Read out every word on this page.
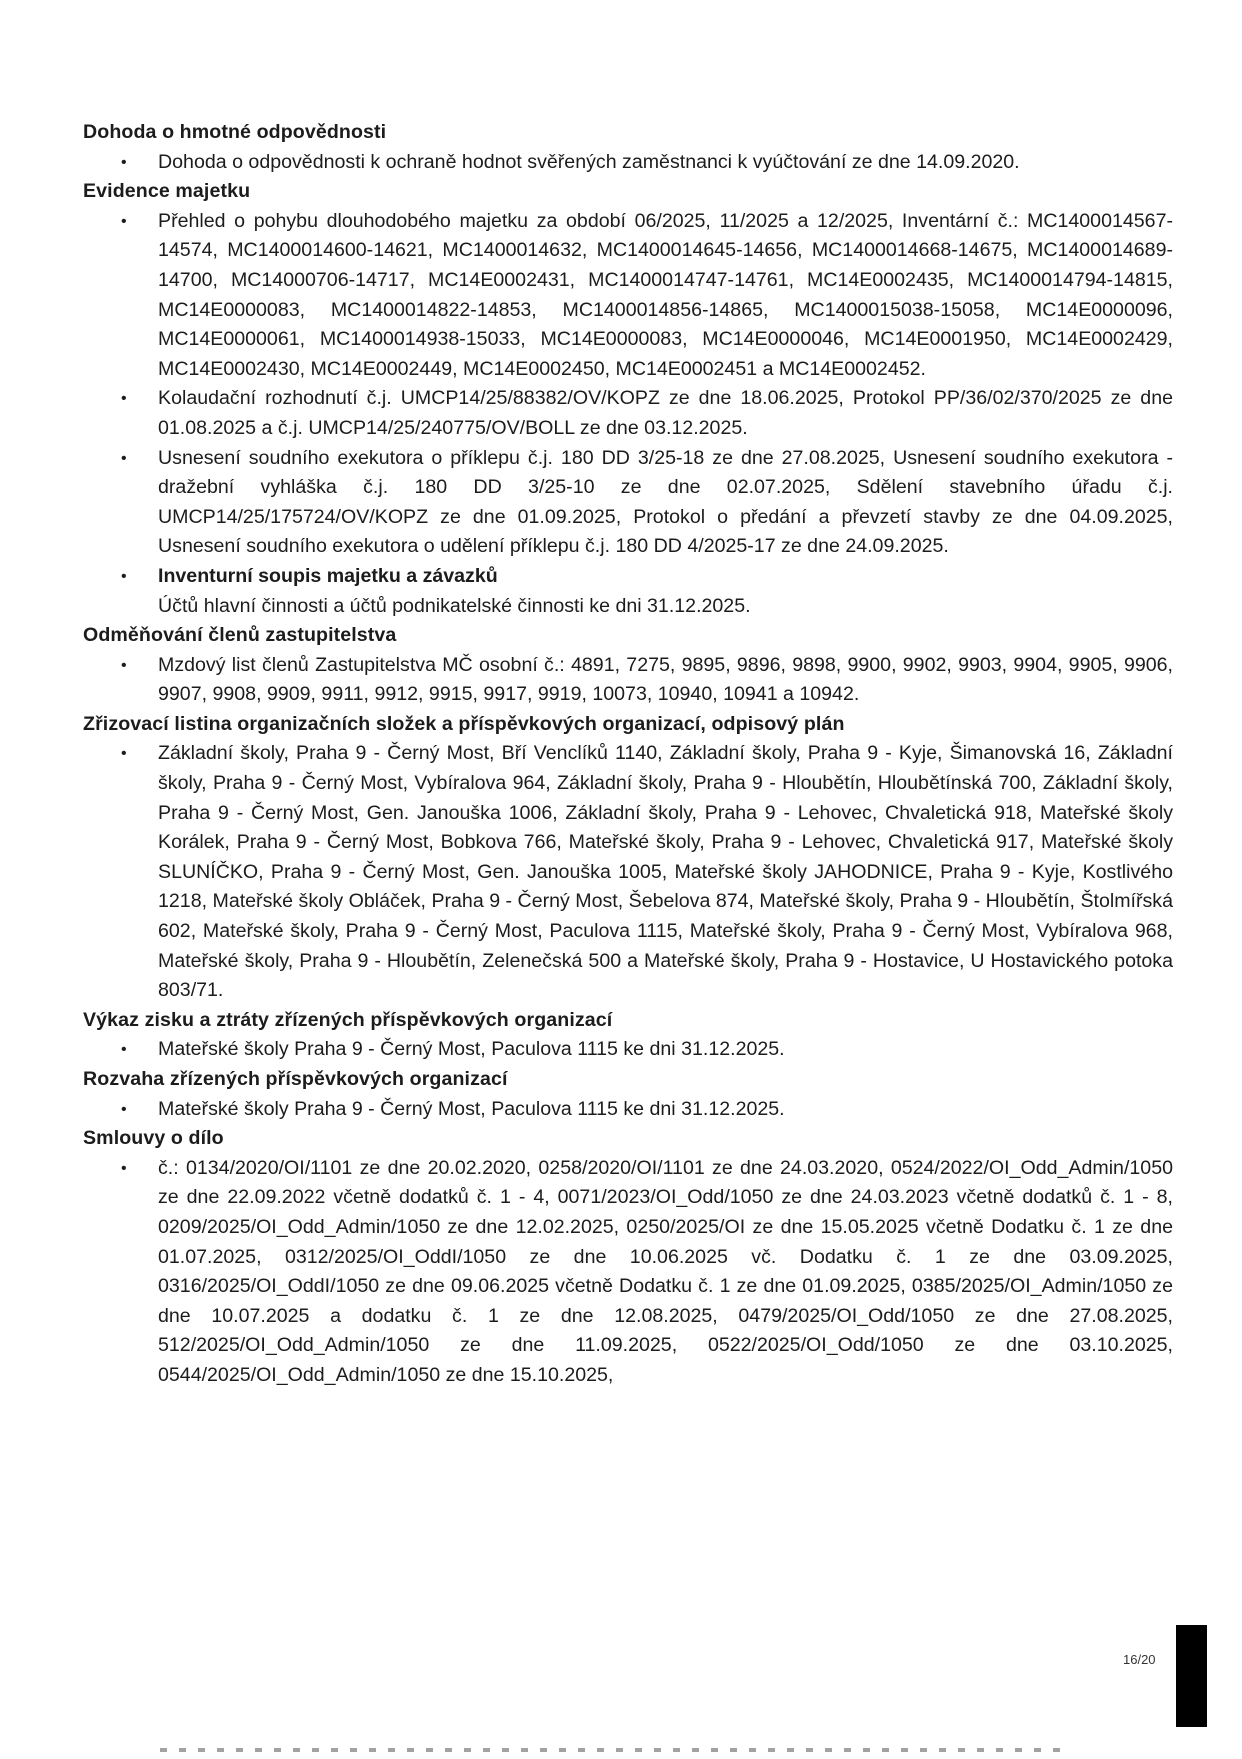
Dohoda o hmotné odpovědnosti

• Dohoda o odpovědnosti k ochraně hodnot svěřených zaměstnanci k vyúčtování ze dne 14.09.2020.

Evidence majetku

• Přehled o pohybu dlouhodobého majetku za období 06/2025, 11/2025 a 12/2025, Inventární č.: MC1400014567-14574, MC1400014600-14621, MC1400014632, MC1400014645-14656, MC1400014668-14675, MC1400014689-14700, MC14000706-14717, MC14E0002431, MC1400014747-14761, MC14E0002435, MC1400014794-14815, MC14E0000083, MC1400014822-14853, MC1400014856-14865, MC1400015038-15058, MC14E0000096, MC14E0000061, MC1400014938-15033, MC14E0000083, MC14E0000046, MC14E0001950, MC14E0002429, MC14E0002430, MC14E0002449, MC14E0002450, MC14E0002451 a MC14E0002452.
• Kolaudační rozhodnutí č.j. UMCP14/25/88382/OV/KOPZ ze dne 18.06.2025, Protokol PP/36/02/370/2025 ze dne 01.08.2025 a č.j. UMCP14/25/240775/OV/BOLL ze dne 03.12.2025.
• Usnesení soudního exekutora o příklepu č.j. 180 DD 3/25-18 ze dne 27.08.2025, Usnesení soudního exekutora - dražební vyhláška č.j. 180 DD 3/25-10 ze dne 02.07.2025, Sdělení stavebního úřadu č.j. UMCP14/25/175724/OV/KOPZ ze dne 01.09.2025, Protokol o předání a převzetí stavby ze dne 04.09.2025, Usnesení soudního exekutora o udělení příklepu č.j. 180 DD 4/2025-17 ze dne 24.09.2025.
• Inventurní soupis majetku a závazků
Účtů hlavní činnosti a účtů podnikatelské činnosti ke dni 31.12.2025.

Odměňování členů zastupitelstva

• Mzdový list členů Zastupitelstva MČ osobní č.: 4891, 7275, 9895, 9896, 9898, 9900, 9902, 9903, 9904, 9905, 9906, 9907, 9908, 9909, 9911, 9912, 9915, 9917, 9919, 10073, 10940, 10941 a 10942.

Zřizovací listina organizačních složek a příspěvkových organizací, odpisový plán

• Základní školy, Praha 9 - Černý Most, Bří Venclíků 1140, Základní školy, Praha 9 - Kyje, Šimanovská 16, Základní školy, Praha 9 - Černý Most, Vybíralova 964, Základní školy, Praha 9 - Hloubětín, Hloubětínská 700, Základní školy, Praha 9 - Černý Most, Gen. Janouška 1006, Základní školy, Praha 9 - Lehovec, Chvaletická 918, Mateřské školy Korálek, Praha 9 - Černý Most, Bobkova 766, Mateřské školy, Praha 9 - Lehovec, Chvaletická 917, Mateřské školy SLUNÍČKO, Praha 9 - Černý Most, Gen. Janouška 1005, Mateřské školy JAHODNICE, Praha 9 - Kyje, Kostlivého 1218, Mateřské školy Obláček, Praha 9 - Černý Most, Šebelova 874, Mateřské školy, Praha 9 - Hloubětín, Štolmířská 602, Mateřské školy, Praha 9 - Černý Most, Paculova 1115, Mateřské školy, Praha 9 - Černý Most, Vybíralova 968, Mateřské školy, Praha 9 - Hloubětín, Zelenečská 500 a Mateřské školy, Praha 9 - Hostavice, U Hostavického potoka 803/71.

Výkaz zisku a ztráty zřízených příspěvkových organizací

• Mateřské školy Praha 9 - Černý Most, Paculova 1115 ke dni 31.12.2025.

Rozvaha zřízených příspěvkových organizací

• Mateřské školy Praha 9 - Černý Most, Paculova 1115 ke dni 31.12.2025.

Smlouvy o dílo

• č.: 0134/2020/OI/1101 ze dne 20.02.2020, 0258/2020/OI/1101 ze dne 24.03.2020, 0524/2022/OI_Odd_Admin/1050 ze dne 22.09.2022 včetně dodatků č. 1 - 4, 0071/2023/OI_Odd/1050 ze dne 24.03.2023 včetně dodatků č. 1 - 8, 0209/2025/OI_Odd_Admin/1050 ze dne 12.02.2025, 0250/2025/OI ze dne 15.05.2025 včetně Dodatku č. 1 ze dne 01.07.2025, 0312/2025/OI_OddI/1050 ze dne 10.06.2025 vč. Dodatku č. 1 ze dne 03.09.2025, 0316/2025/OI_OddI/1050 ze dne 09.06.2025 včetně Dodatku č. 1 ze dne 01.09.2025, 0385/2025/OI_Admin/1050 ze dne 10.07.2025 a dodatku č. 1 ze dne 12.08.2025, 0479/2025/OI_Odd/1050 ze dne 27.08.2025, 512/2025/OI_Odd_Admin/1050 ze dne 11.09.2025, 0522/2025/OI_Odd/1050 ze dne 03.10.2025, 0544/2025/OI_Odd_Admin/1050 ze dne 15.10.2025,
16/20
